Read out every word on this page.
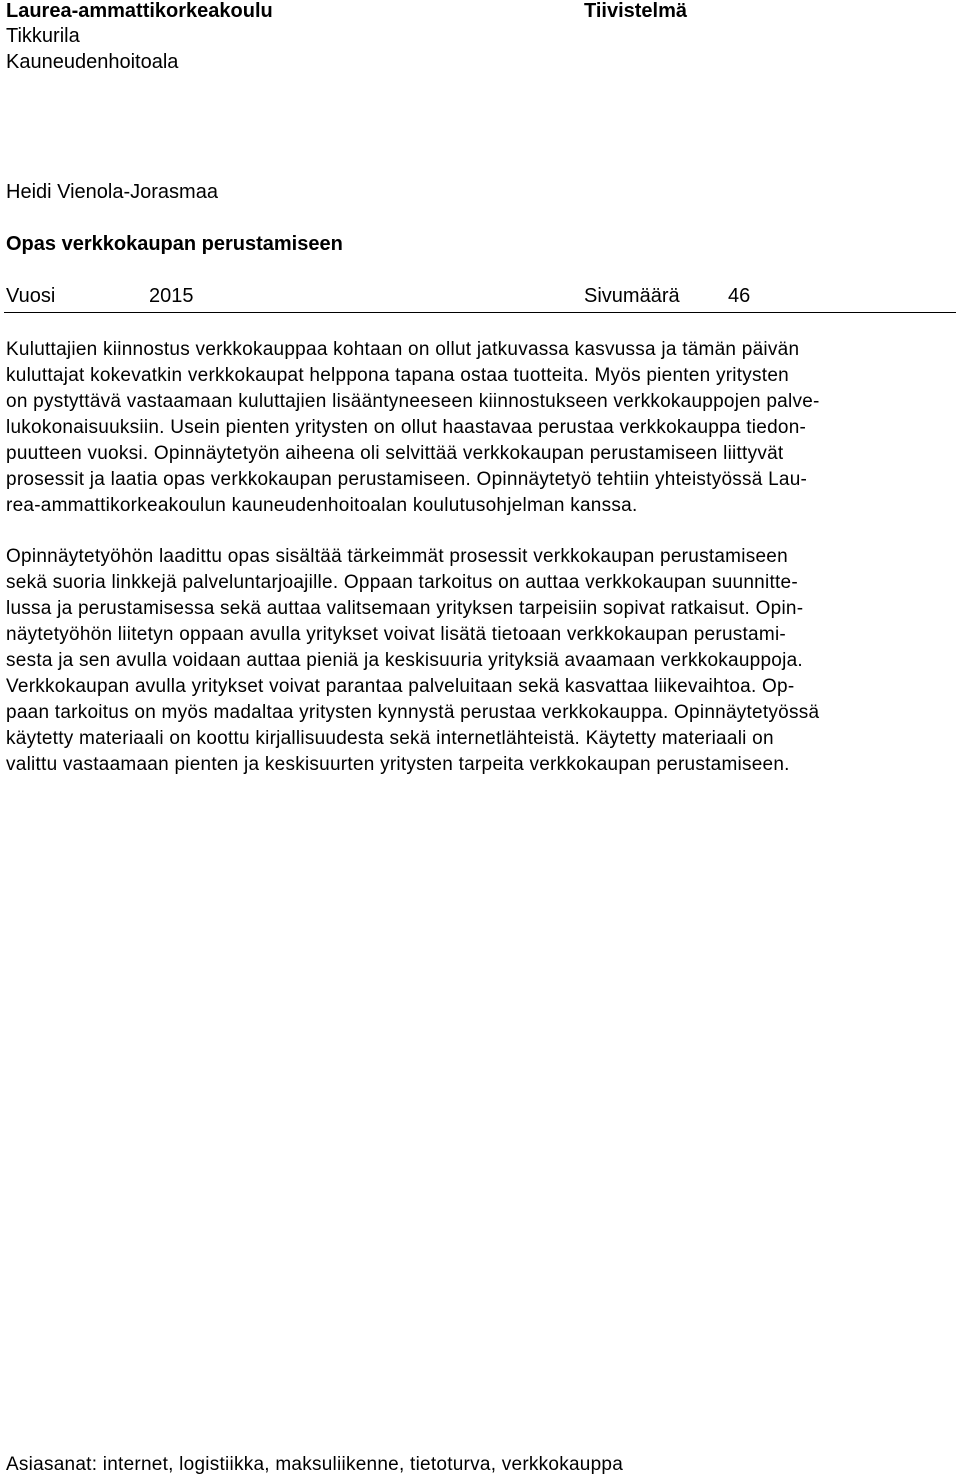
Laurea-ammattikorkeakoulu	Tiivistelmä
Tikkurila
Kauneudenhoitoala
Heidi Vienola-Jorasmaa
Opas verkkokaupan perustamiseen
Vuosi	2015	Sivumäärä 46

Kuluttajien kiinnostus verkkokauppaa kohtaan on ollut jatkuvassa kasvussa ja tämän päivän
kuluttajat kokevatkin verkkokaupat helppona tapana ostaa tuotteita. Myös pienten yritysten
on pystyttävä vastaamaan kuluttajien lisääntyneeseen kiinnostukseen verkkokauppojen palve-
lukokonaisuuksiin. Usein pienten yritysten on ollut haastavaa perustaa verkkokauppa tiedon-
puutteen vuoksi. Opinnäytetyön aiheena oli selvittää verkkokaupan perustamiseen liittyvät
prosessit ja laatia opas verkkokaupan perustamiseen. Opinnäytetyö tehtiin yhteistyössä Lau-
rea-ammattikorkeakoulun kauneudenhoitoalan koulutusohjelman kanssa.

Opinnäytetyöhön laadittu opas sisältää tärkeimmät prosessit verkkokaupan perustamiseen
sekä suoria linkkejä palveluntarjoajille. Oppaan tarkoitus on auttaa verkkokaupan suunnitte-
lussa ja perustamisessa sekä auttaa valitsemaan yrityksen tarpeisiin sopivat ratkaisut. Opin-
näytetyöhön liitetyn oppaan avulla yritykset voivat lisätä tietoaan verkkokaupan perustami-
sesta ja sen avulla voidaan auttaa pieniä ja keskisuuria yrityksiä avaamaan verkkokauppoja.
Verkkokaupan avulla yritykset voivat parantaa palveluitaan sekä kasvattaa liikevaihtoa. Op-
paan tarkoitus on myös madaltaa yritysten kynnystä perustaa verkkokauppa. Opinnäytetyössä
käytetty materiaali on koottu kirjallisuudesta sekä internetlähteistä. Käytetty materiaali on
valittu vastaamaan pienten ja keskisuurten yritysten tarpeita verkkokaupan perustamiseen.

Asiasanat: internet, logistiikka, maksuliikenne, tietoturva, verkkokauppa
